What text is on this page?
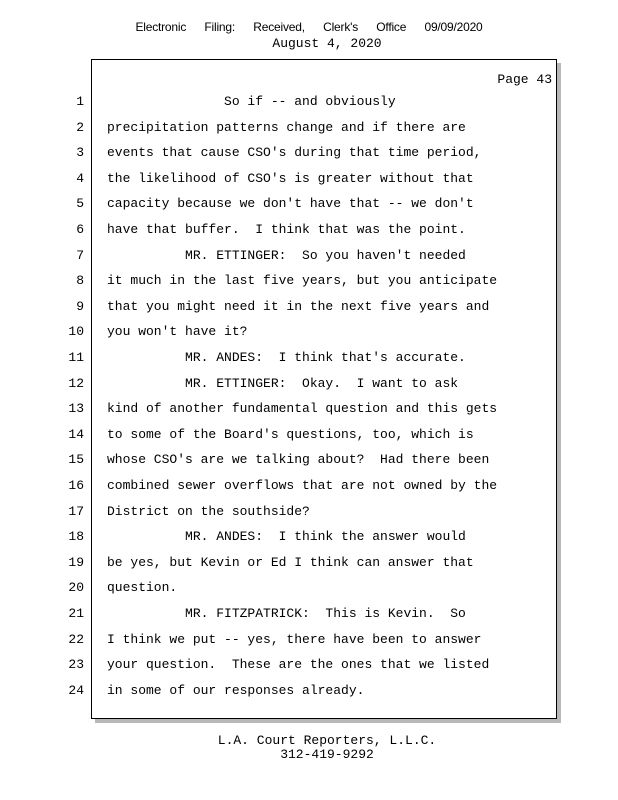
Electronic  Filing:  Received,  Clerk's  Office  09/09/2020
August 4, 2020
Page 43
1 So if -- and obviously
2 precipitation patterns change and if there are
3 events that cause CSO's during that time period,
4 the likelihood of CSO's is greater without that
5 capacity because we don't have that -- we don't
6 have that buffer.  I think that was the point.
7 MR. ETTINGER:  So you haven't needed
8 it much in the last five years, but you anticipate
9 that you might need it in the next five years and
10 you won't have it?
11 MR. ANDES:  I think that's accurate.
12 MR. ETTINGER:  Okay.  I want to ask
13 kind of another fundamental question and this gets
14 to some of the Board's questions, too, which is
15 whose CSO's are we talking about?  Had there been
16 combined sewer overflows that are not owned by the
17 District on the southside?
18 MR. ANDES:  I think the answer would
19 be yes, but Kevin or Ed I think can answer that
20 question.
21 MR. FITZPATRICK:  This is Kevin.  So
22 I think we put -- yes, there have been to answer
23 your question.  These are the ones that we listed
24 in some of our responses already.
L.A. Court Reporters, L.L.C.
312-419-9292
